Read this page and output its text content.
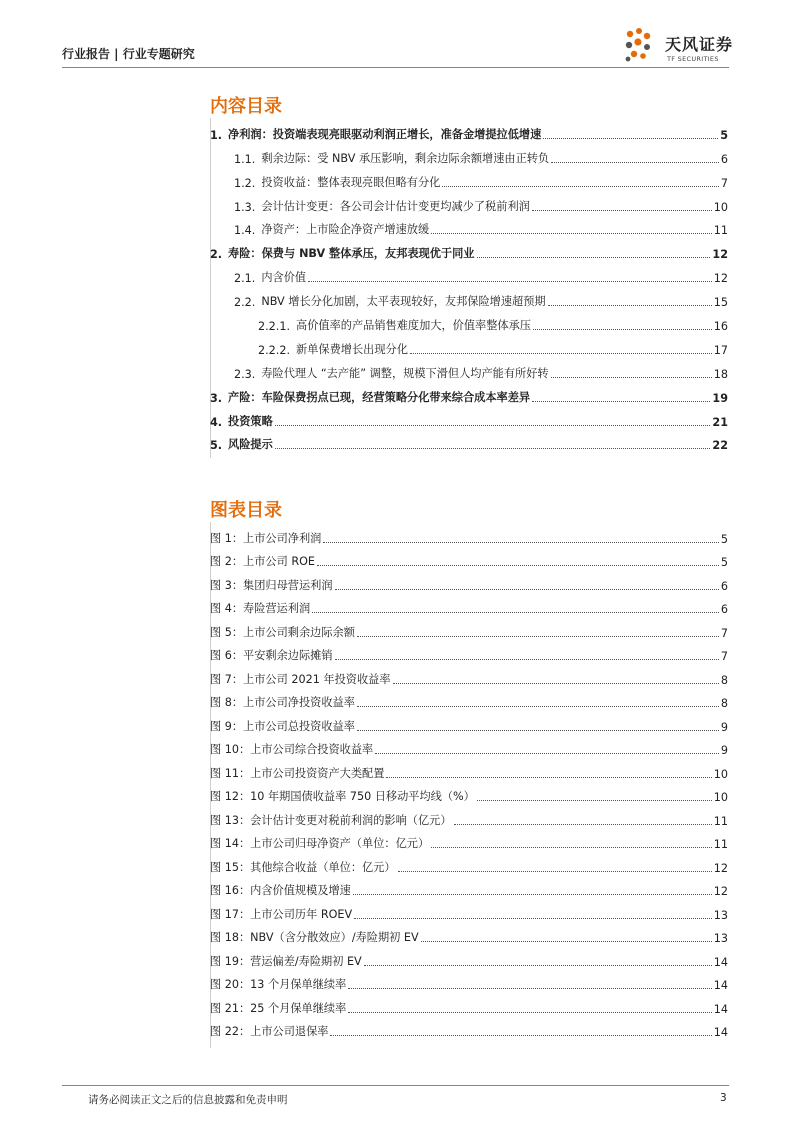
行业报告 | 行业专题研究	天风证券
TF SECURITIES
内容目录
1. 净利润：投资端表现亮眼驱动利润正增长，准备金增提拉低增速	5
1.1. 剩余边际：受 NBV 承压影响，剩余边际余额增速由正转负	6
1.2. 投资收益：整体表现亮眼但略有分化	7
1.3. 会计估计变更：各公司会计估计变更均减少了税前利润	10
1.4. 净资产：上市险企净资产增速放缓	11
2. 寿险：保费与 NBV 整体承压，友邦表现优于同业	12
2.1. 内含价值	12
2.2. NBV 增长分化加剧，太平表现较好，友邦保险增速超预期	15
2.2.1. 高价值率的产品销售难度加大，价值率整体承压	16
2.2.2. 新单保费增长出现分化	17
2.3. 寿险代理人 “去产能” 调整，规模下滑但人均产能有所好转	18
3. 产险：车险保费拐点已现，经营策略分化带来综合成本率差异	19
4. 投资策略	21
5. 风险提示	22
图表目录
图 1：上市公司净利润	5
图 2：上市公司 ROE	5
图 3：集团归母营运利润	6
图 4：寿险营运利润	6
图 5：上市公司剩余边际余额	7
图 6：平安剩余边际摊销	7
图 7：上市公司 2021 年投资收益率	8
图 8：上市公司净投资收益率	8
图 9：上市公司总投资收益率	9
图 10：上市公司综合投资收益率	9
图 11：上市公司投资资产大类配置	10
图 12：10 年期国债收益率 750 日移动平均线（%）	10
图 13：会计估计变更对税前利润的影响（亿元）	11
图 14：上市公司归母净资产（单位：亿元）	11
图 15：其他综合收益（单位：亿元）	12
图 16：内含价值规模及增速	12
图 17：上市公司历年 ROEV	13
图 18：NBV（含分散效应）/寿险期初 EV	13
图 19：营运偏差/寿险期初 EV	14
图 20：13 个月保单继续率	14
图 21：25 个月保单继续率	14
图 22：上市公司退保率	14
请务必阅读正文之后的信息披露和免责申明	3
